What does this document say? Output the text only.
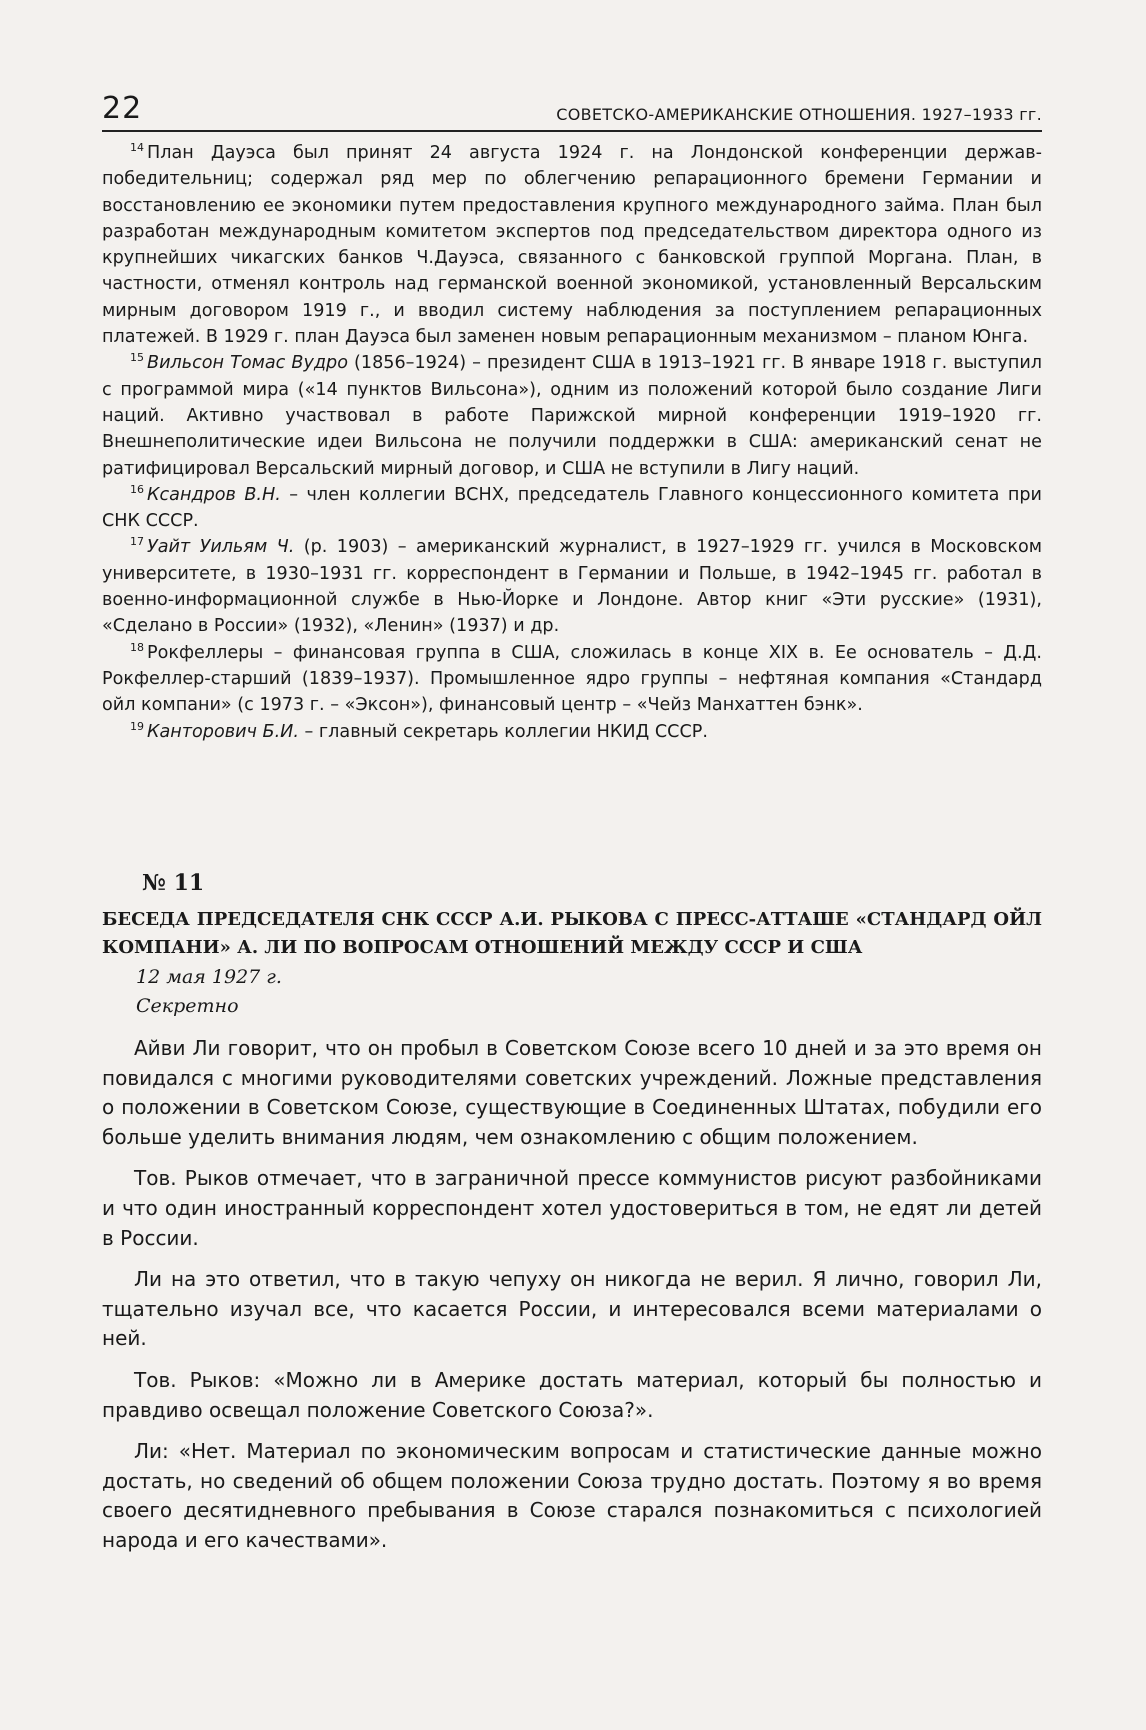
22	СОВЕТСКО-АМЕРИКАНСКИЕ ОТНОШЕНИЯ. 1927–1933 гг.

$^{14}$ План Дауэса был принят 24 августа 1924 г. на Лондонской конференции держав-победительниц; содержал ряд мер по облегчению репарационного бремени Германии и восстановлению ее экономики путем предоставления крупного международного займа. План был разработан международным комитетом экспертов под председательством директора одного из крупнейших чикагских банков Ч.Дауэса, связанного с банковской группой Моргана. План, в частности, отменял контроль над германской военной экономикой, установленный Версальским мирным договором 1919 г., и вводил систему наблюдения за поступлением репарационных платежей. В 1929 г. план Дауэса был заменен новым репарационным механизмом – планом Юнга.

$^{15}$ Вильсон Томас Вудро (1856–1924) – президент США в 1913–1921 гг. В январе 1918 г. выступил с программой мира («14 пунктов Вильсона»), одним из положений которой было создание Лиги наций. Активно участвовал в работе Парижской мирной конференции 1919–1920 гг. Внешнеполитические идеи Вильсона не получили поддержки в США: американский сенат не ратифицировал Версальский мирный договор, и США не вступили в Лигу наций.

$^{16}$ Ксандров В.Н. – член коллегии ВСНХ, председатель Главного концессионного комитета при СНК СССР.

$^{17}$ Уайт Уильям Ч. (р. 1903) – американский журналист, в 1927–1929 гг. учился в Московском университете, в 1930–1931 гг. корреспондент в Германии и Польше, в 1942–1945 гг. работал в военно-информационной службе в Нью-Йорке и Лондоне. Автор книг «Эти русские» (1931), «Сделано в России» (1932), «Ленин» (1937) и др.

$^{18}$ Рокфеллеры – финансовая группа в США, сложилась в конце XIX в. Ее основатель – Д.Д. Рокфеллер-старший (1839–1937). Промышленное ядро группы – нефтяная компания «Стандард ойл компани» (с 1973 г. – «Эксон»), финансовый центр – «Чейз Манхаттен бэнк».

$^{19}$ Канторович Б.И. – главный секретарь коллегии НКИД СССР.

№ 11

БЕСЕДА ПРЕДСЕДАТЕЛЯ СНК СССР А.И. РЫКОВА С ПРЕСС-АТТАШЕ «СТАНДАРД ОЙЛ КОМПАНИ» А. ЛИ ПО ВОПРОСАМ ОТНОШЕНИЙ МЕЖДУ СССР И США

12 мая 1927 г.

Секретно

Айви Ли говорит, что он пробыл в Советском Союзе всего 10 дней и за это время он повидался с многими руководителями советских учреждений. Ложные представления о положении в Советском Союзе, существующие в Соединенных Штатах, побудили его больше уделить внимания людям, чем ознакомлению с общим положением.

Тов. Рыков отмечает, что в заграничной прессе коммунистов рисуют разбойниками и что один иностранный корреспондент хотел удостовериться в том, не едят ли детей в России.

Ли на это ответил, что в такую чепуху он никогда не верил. Я лично, говорил Ли, тщательно изучал все, что касается России, и интересовался всеми материалами о ней.

Тов. Рыков: «Можно ли в Америке достать материал, который бы полностью и правдиво освещал положение Советского Союза?».

Ли: «Нет. Материал по экономическим вопросам и статистические данные можно достать, но сведений об общем положении Союза трудно достать. Поэтому я во время своего десятидневного пребывания в Союзе старался познакомиться с психологией народа и его качествами».
